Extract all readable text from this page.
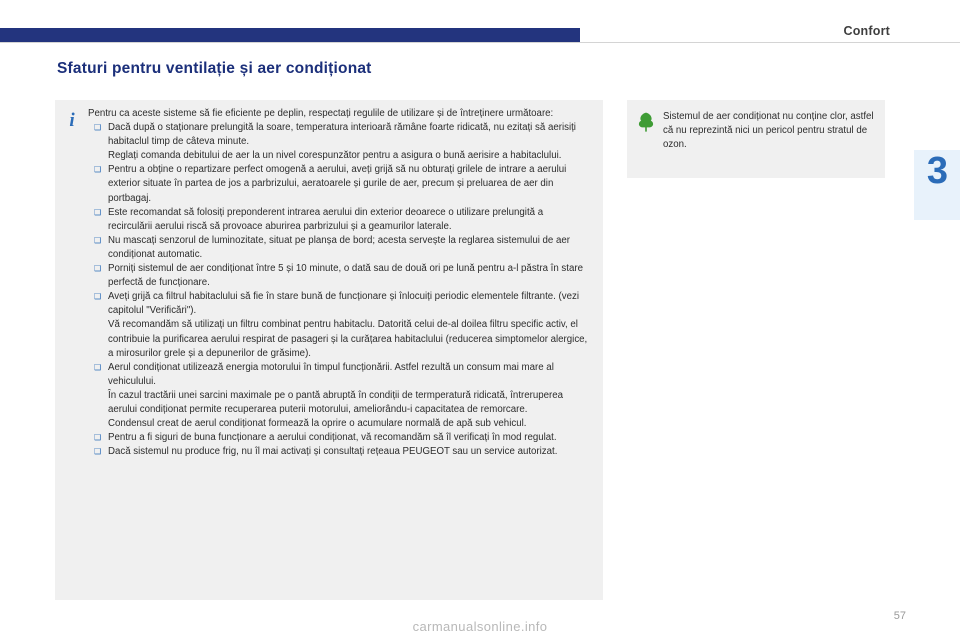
Confort
3
Sfaturi pentru ventilație și aer condiționat
i	Pentru ca aceste sisteme să fie eficiente pe deplin, respectați regulile de utilizare și de întreținere următoare:

❑ Dacă după o staționare prelungită la soare, temperatura interioară rămâne foarte ridicată, nu ezitați să aerisiți habitaclul timp de câteva minute.

Reglați comanda debitului de aer la un nivel corespunzător pentru a asigura o bună aerisire a habitaclului.

❑ Pentru a obține o repartizare perfect omogenă a aerului, aveți grijă să nu obturați grilele de intrare a aerului exterior situate în partea de jos a parbrizului, aeratoarele și gurile de aer, precum și preluarea de aer din portbagaj.

❑ Este recomandat să folosiți preponderent intrarea aerului din exterior deoarece o utilizare prelungită a recirculării aerului riscă să provoace aburirea parbrizului și a geamurilor laterale.

❑ Nu mascați senzorul de luminozitate, situat pe planșa de bord; acesta servește la reglarea sistemului de aer condiționat automatic.

❑ Porniți sistemul de aer condiționat între 5 și 10 minute, o dată sau de două ori pe lună pentru a-l păstra în stare perfectă de funcționare.

❑ Aveți grijă ca filtrul habitaclului să fie în stare bună de funcționare și înlocuiți periodic elementele filtrante. (vezi capitolul "Verificări").

Vă recomandăm să utilizați un filtru combinat pentru habitaclu. Datorită celui de-al doilea filtru specific activ, el contribuie la purificarea aerului respirat de pasageri și la curățarea habitaclului (reducerea simptomelor alergice, a mirosurilor grele și a depunerilor de grăsime).

❑ Aerul condiționat utilizează energia motorului în timpul funcționării. Astfel rezultă un consum mai mare al vehiculului.

În cazul tractării unei sarcini maximale pe o pantă abruptă în condiții de termperatură ridicată, întreruperea aerului condiționat permite recuperarea puterii motorului, ameliorându-i capacitatea de remorcare.

Condensul creat de aerul condiționat formează la oprire o acumulare normală de apă sub vehicul.

❑ Pentru a fi siguri de buna funcționare a aerului condiționat, vă recomandăm să îl verificați în mod regulat.

❑ Dacă sistemul nu produce frig, nu îl mai activați și consultați rețeaua PEUGEOT sau un service autorizat.

Sistemul de aer condiționat nu conține clor, astfel că nu reprezintă nici un pericol pentru stratul de ozon.
57
carmanualsonline.info
